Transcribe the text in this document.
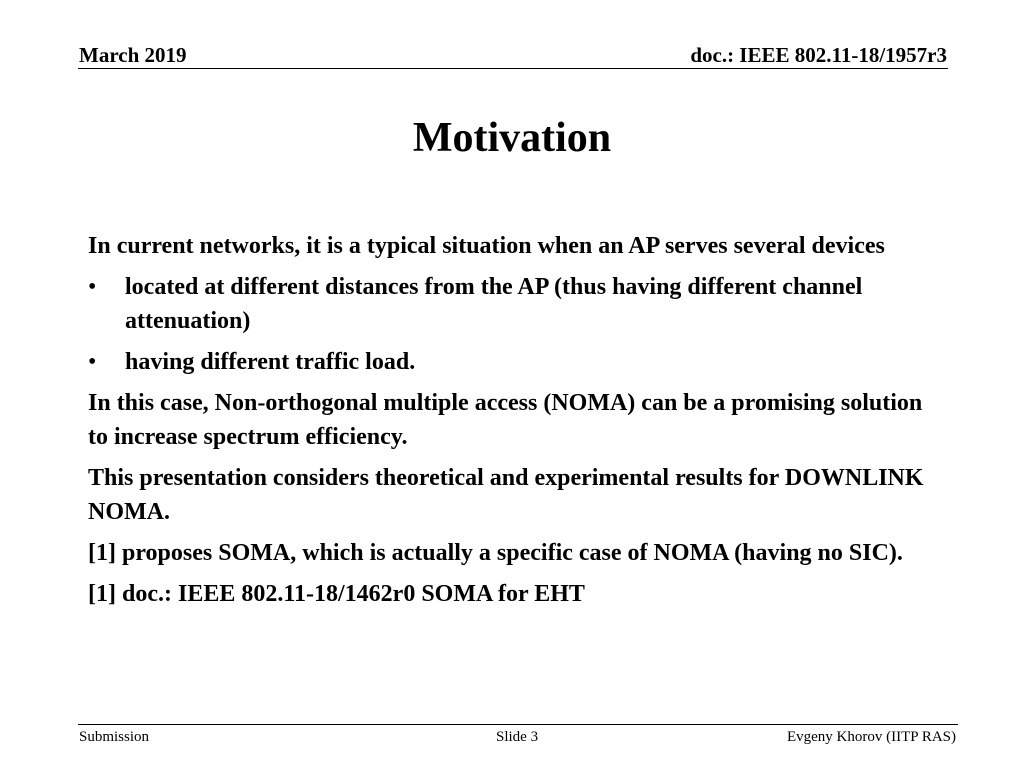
March 2019	doc.: IEEE 802.11-18/1957r3
Motivation

In current networks, it is a typical situation when an AP serves several devices

• located at different distances from the AP (thus having different channel attenuation)
• having different traffic load.

In this case, Non-orthogonal multiple access (NOMA) can be a promising solution to increase spectrum efficiency.

This presentation considers theoretical and experimental results for DOWNLINK NOMA.

[1] proposes SOMA, which is actually a specific case of NOMA (having no SIC).

[1] doc.: IEEE 802.11-18/1462r0 SOMA for EHT

Submission	Slide 3	Evgeny Khorov (IITP RAS)
